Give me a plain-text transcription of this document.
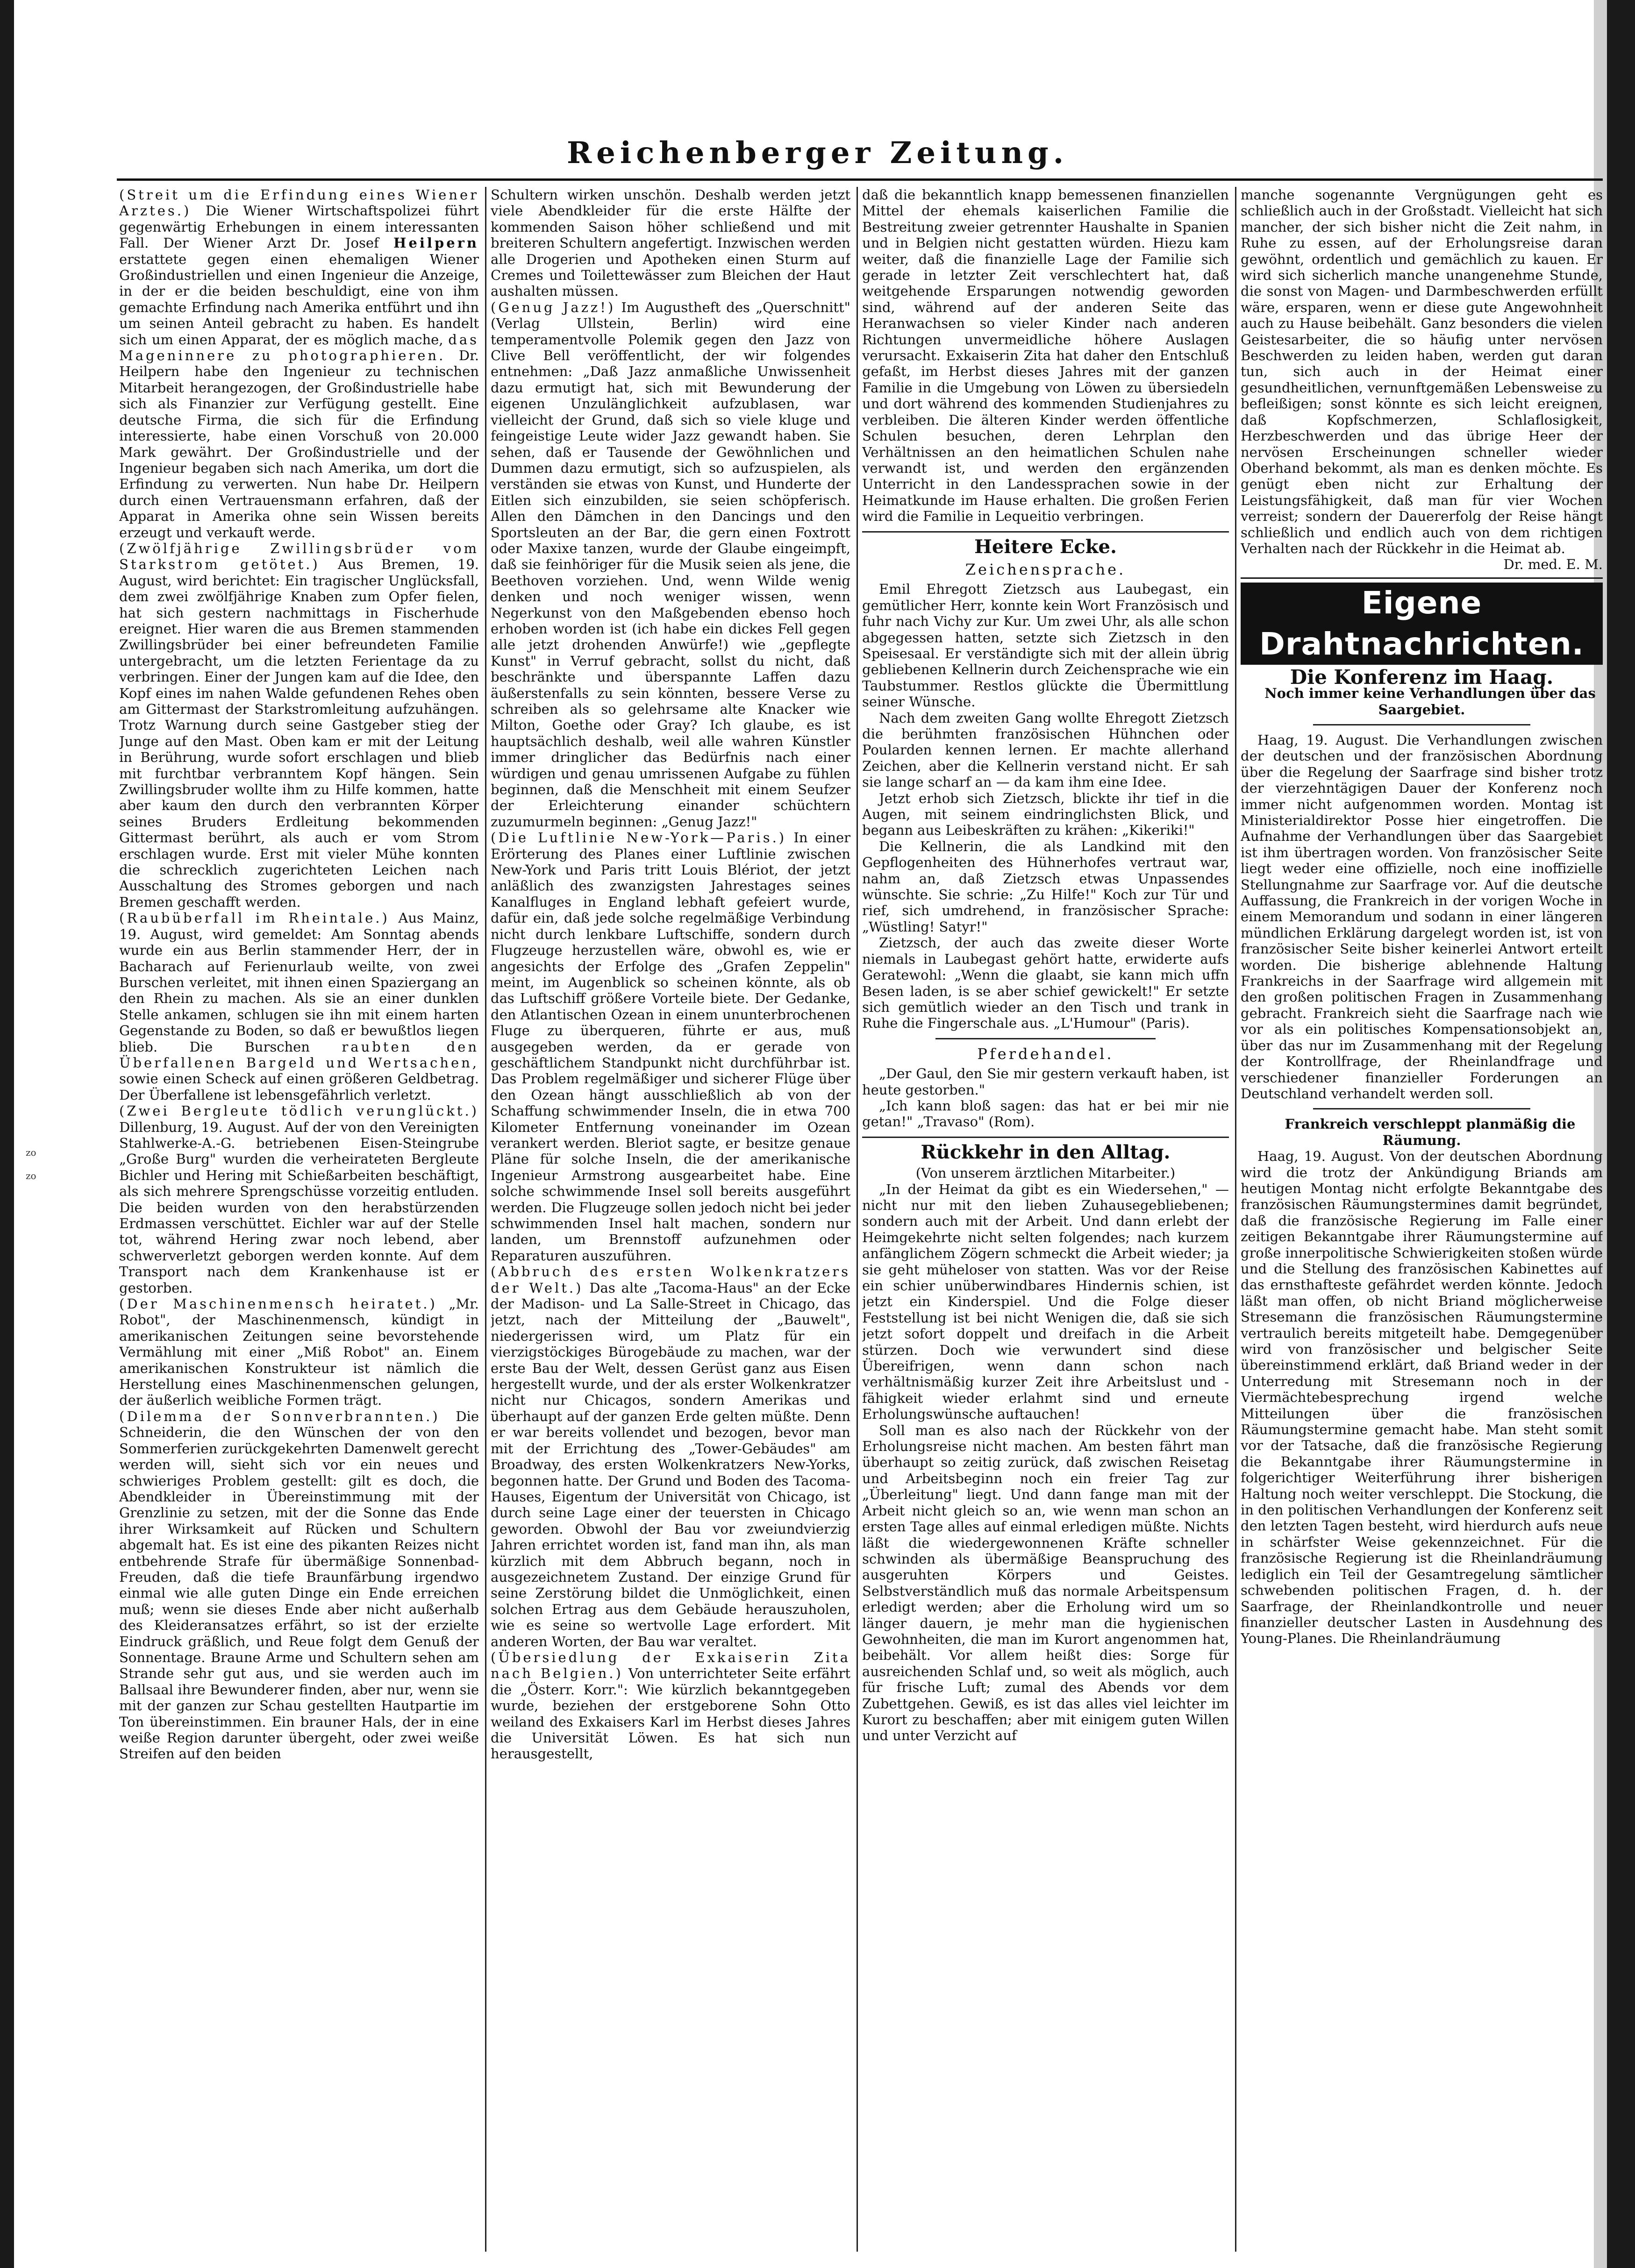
Reichenberger Zeitung.
zo
zo

(Streit um die Erfindung eines Wiener Arztes.) Die Wiener Wirtschaftspolizei führt gegenwärtig Erhebungen in einem interessanten Fall. Der Wiener Arzt Dr. Josef Heilpern erstattete gegen einen ehemaligen Wiener Großindustriellen und einen Ingenieur die Anzeige, in der er die beiden beschuldigt, eine von ihm gemachte Erfindung nach Amerika entführt und ihn um seinen Anteil gebracht zu haben. Es handelt sich um einen Apparat, der es möglich mache, das Mageninnere zu photographieren. Dr. Heilpern habe den Ingenieur zu technischen Mitarbeit herangezogen, der Großindustrielle habe sich als Finanzier zur Verfügung gestellt. Eine deutsche Firma, die sich für die Erfindung interessierte, habe einen Vorschuß von 20.000 Mark gewährt. Der Großindustrielle und der Ingenieur begaben sich nach Amerika, um dort die Erfindung zu verwerten. Nun habe Dr. Heilpern durch einen Vertrauensmann erfahren, daß der Apparat in Amerika ohne sein Wissen bereits erzeugt und verkauft werde.

(Zwölfjährige Zwillingsbrüder vom Starkstrom getötet.) Aus Bremen, 19. August, wird berichtet: Ein tragischer Unglücksfall, dem zwei zwölfjährige Knaben zum Opfer fielen, hat sich gestern nachmittags in Fischerhude ereignet. Hier waren die aus Bremen stammenden Zwillingsbrüder bei einer befreundeten Familie untergebracht, um die letzten Ferientage da zu verbringen. Einer der Jungen kam auf die Idee, den Kopf eines im nahen Walde gefundenen Rehes oben am Gittermast der Starkstromleitung aufzuhängen. Trotz Warnung durch seine Gastgeber stieg der Junge auf den Mast. Oben kam er mit der Leitung in Berührung, wurde sofort erschlagen und blieb mit furchtbar verbranntem Kopf hängen. Sein Zwillingsbruder wollte ihm zu Hilfe kommen, hatte aber kaum den durch den verbrannten Körper seines Bruders Erdleitung bekommenden Gittermast berührt, als auch er vom Strom erschlagen wurde. Erst mit vieler Mühe konnten die schrecklich zugerichteten Leichen nach Ausschaltung des Stromes geborgen und nach Bremen geschafft werden.

(Raubüberfall im Rheintale.) Aus Mainz, 19. August, wird gemeldet: Am Sonntag abends wurde ein aus Berlin stammender Herr, der in Bacharach auf Ferienurlaub weilte, von zwei Burschen verleitet, mit ihnen einen Spaziergang an den Rhein zu machen. Als sie an einer dunklen Stelle ankamen, schlugen sie ihn mit einem harten Gegenstande zu Boden, so daß er bewußtlos liegen blieb. Die Burschen raubten den Überfallenen Bargeld und Wertsachen, sowie einen Scheck auf einen größeren Geldbetrag. Der Überfallene ist lebensgefährlich verletzt.

(Zwei Bergleute tödlich verunglückt.) Dillenburg, 19. August. Auf der von den Vereinigten Stahlwerke-A.-G. betriebenen Eisen-Steingrube „Große Burg" wurden die verheirateten Bergleute Bichler und Hering mit Schießarbeiten beschäftigt, als sich mehrere Sprengschüsse vorzeitig entluden. Die beiden wurden von den herabstürzenden Erdmassen verschüttet. Eichler war auf der Stelle tot, während Hering zwar noch lebend, aber schwerverletzt geborgen werden konnte. Auf dem Transport nach dem Krankenhause ist er gestorben.

(Der Maschinenmensch heiratet.) „Mr. Robot", der Maschinenmensch, kündigt in amerikanischen Zeitungen seine bevorstehende Vermählung mit einer „Miß Robot" an. Einem amerikanischen Konstrukteur ist nämlich die Herstellung eines Maschinenmenschen gelungen, der äußerlich weibliche Formen trägt.

(Dilemma der Sonnverbrannten.) Die Schneiderin, die den Wünschen der von den Sommerferien zurückgekehrten Damenwelt gerecht werden will, sieht sich vor ein neues und schwieriges Problem gestellt: gilt es doch, die Abendkleider in Übereinstimmung mit der Grenzlinie zu setzen, mit der die Sonne das Ende ihrer Wirksamkeit auf Rücken und Schultern abgemalt hat. Es ist eine des pikanten Reizes nicht entbehrende Strafe für übermäßige Sonnenbad-Freuden, daß die tiefe Braunfärbung irgendwo einmal wie alle guten Dinge ein Ende erreichen muß; wenn sie dieses Ende aber nicht außerhalb des Kleideransatzes erfährt, so ist der erzielte Eindruck gräßlich, und Reue folgt dem Genuß der Sonnentage. Braune Arme und Schultern sehen am Strande sehr gut aus, und sie werden auch im Ballsaal ihre Bewunderer finden, aber nur, wenn sie mit der ganzen zur Schau gestellten Hautpartie im Ton übereinstimmen. Ein brauner Hals, der in eine weiße Region darunter übergeht, oder zwei weiße Streifen auf den beiden

Schultern wirken unschön. Deshalb werden jetzt viele Abendkleider für die erste Hälfte der kommenden Saison höher schließend und mit breiteren Schultern angefertigt. Inzwischen werden alle Drogerien und Apotheken einen Sturm auf Cremes und Toilettewässer zum Bleichen der Haut aushalten müssen.

(Genug Jazz!) Im Augustheft des „Querschnitt" (Verlag Ullstein, Berlin) wird eine temperamentvolle Polemik gegen den Jazz von Clive Bell veröffentlicht, der wir folgendes entnehmen: „Daß Jazz anmaßliche Unwissenheit dazu ermutigt hat, sich mit Bewunderung der eigenen Unzulänglichkeit aufzublasen, war vielleicht der Grund, daß sich so viele kluge und feingeistige Leute wider Jazz gewandt haben. Sie sehen, daß er Tausende der Gewöhnlichen und Dummen dazu ermutigt, sich so aufzuspielen, als verständen sie etwas von Kunst, und Hunderte der Eitlen sich einzubilden, sie seien schöpferisch. Allen den Dämchen in den Dancings und den Sportsleuten an der Bar, die gern einen Foxtrott oder Maxixe tanzen, wurde der Glaube eingeimpft, daß sie feinhöriger für die Musik seien als jene, die Beethoven vorziehen. Und, wenn Wilde wenig denken und noch weniger wissen, wenn Negerkunst von den Maßgebenden ebenso hoch erhoben worden ist (ich habe ein dickes Fell gegen alle jetzt drohenden Anwürfe!) wie „gepflegte Kunst" in Verruf gebracht, sollst du nicht, daß beschränkte und überspannte Laffen dazu äußerstenfalls zu sein könnten, bessere Verse zu schreiben als so gelehrsame alte Knacker wie Milton, Goethe oder Gray? Ich glaube, es ist hauptsächlich deshalb, weil alle wahren Künstler immer dringlicher das Bedürfnis nach einer würdigen und genau umrissenen Aufgabe zu fühlen beginnen, daß die Menschheit mit einem Seufzer der Erleichterung einander schüchtern zuzumurmeln beginnen: „Genug Jazz!"

(Die Luftlinie New-York—Paris.) In einer Erörterung des Planes einer Luftlinie zwischen New-York und Paris tritt Louis Blériot, der jetzt anläßlich des zwanzigsten Jahrestages seines Kanalfluges in England lebhaft gefeiert wurde, dafür ein, daß jede solche regelmäßige Verbindung nicht durch lenkbare Luftschiffe, sondern durch Flugzeuge herzustellen wäre, obwohl es, wie er angesichts der Erfolge des „Grafen Zeppelin" meint, im Augenblick so scheinen könnte, als ob das Luftschiff größere Vorteile biete. Der Gedanke, den Atlantischen Ozean in einem ununterbrochenen Fluge zu überqueren, führte er aus, muß ausgegeben werden, da er gerade von geschäftlichem Standpunkt nicht durchführbar ist. Das Problem regelmäßiger und sicherer Flüge über den Ozean hängt ausschließlich ab von der Schaffung schwimmender Inseln, die in etwa 700 Kilometer Entfernung voneinander im Ozean verankert werden. Bleriot sagte, er besitze genaue Pläne für solche Inseln, die der amerikanische Ingenieur Armstrong ausgearbeitet habe. Eine solche schwimmende Insel soll bereits ausgeführt werden. Die Flugzeuge sollen jedoch nicht bei jeder schwimmenden Insel halt machen, sondern nur landen, um Brennstoff aufzunehmen oder Reparaturen auszuführen.

(Abbruch des ersten Wolkenkratzers der Welt.) Das alte „Tacoma-Haus" an der Ecke der Madison- und La Salle-Street in Chicago, das jetzt, nach der Mitteilung der „Bauwelt", niedergerissen wird, um Platz für ein vierzigstöckiges Bürogebäude zu machen, war der erste Bau der Welt, dessen Gerüst ganz aus Eisen hergestellt wurde, und der als erster Wolkenkratzer nicht nur Chicagos, sondern Amerikas und überhaupt auf der ganzen Erde gelten müßte. Denn er war bereits vollendet und bezogen, bevor man mit der Errichtung des „Tower-Gebäudes" am Broadway, des ersten Wolkenkratzers New-Yorks, begonnen hatte. Der Grund und Boden des Tacoma-Hauses, Eigentum der Universität von Chicago, ist durch seine Lage einer der teuersten in Chicago geworden. Obwohl der Bau vor zweiundvierzig Jahren errichtet worden ist, fand man ihn, als man kürzlich mit dem Abbruch begann, noch in ausgezeichnetem Zustand. Der einzige Grund für seine Zerstörung bildet die Unmöglichkeit, einen solchen Ertrag aus dem Gebäude herauszuholen, wie es seine so wertvolle Lage erfordert. Mit anderen Worten, der Bau war veraltet.

(Übersiedlung der Exkaiserin Zita nach Belgien.) Von unterrichteter Seite erfährt die „Österr. Korr.": Wie kürzlich bekanntgegeben wurde, beziehen der erstgeborene Sohn Otto weiland des Exkaisers Karl im Herbst dieses Jahres die Universität Löwen. Es hat sich nun herausgestellt,

daß die bekanntlich knapp bemessenen finanziellen Mittel der ehemals kaiserlichen Familie die Bestreitung zweier getrennter Haushalte in Spanien und in Belgien nicht gestatten würden. Hiezu kam weiter, daß die finanzielle Lage der Familie sich gerade in letzter Zeit verschlechtert hat, daß weitgehende Ersparungen notwendig geworden sind, während auf der anderen Seite das Heranwachsen so vieler Kinder nach anderen Richtungen unvermeidliche höhere Auslagen verursacht. Exkaiserin Zita hat daher den Entschluß gefaßt, im Herbst dieses Jahres mit der ganzen Familie in die Umgebung von Löwen zu übersiedeln und dort während des kommenden Studienjahres zu verbleiben. Die älteren Kinder werden öffentliche Schulen besuchen, deren Lehrplan den Verhältnissen an den heimatlichen Schulen nahe verwandt ist, und werden den ergänzenden Unterricht in den Landessprachen sowie in der Heimatkunde im Hause erhalten. Die großen Ferien wird die Familie in Lequeitio verbringen.

Heitere Ecke.
Zeichensprache.

Emil Ehregott Zietzsch aus Laubegast, ein gemütlicher Herr, konnte kein Wort Französisch und fuhr nach Vichy zur Kur. Um zwei Uhr, als alle schon abgegessen hatten, setzte sich Zietzsch in den Speisesaal. Er verständigte sich mit der allein übrig gebliebenen Kellnerin durch Zeichensprache wie ein Taubstummer. Restlos glückte die Übermittlung seiner Wünsche.

Nach dem zweiten Gang wollte Ehregott Zietzsch die berühmten französischen Hühnchen oder Poularden kennen lernen. Er machte allerhand Zeichen, aber die Kellnerin verstand nicht. Er sah sie lange scharf an — da kam ihm eine Idee.

Jetzt erhob sich Zietzsch, blickte ihr tief in die Augen, mit seinem eindringlichsten Blick, und begann aus Leibeskräften zu krähen: „Kikeriki!"

Die Kellnerin, die als Landkind mit den Gepflogenheiten des Hühnerhofes vertraut war, nahm an, daß Zietzsch etwas Unpassendes wünschte. Sie schrie: „Zu Hilfe!" Koch zur Tür und rief, sich umdrehend, in französischer Sprache: „Wüstling! Satyr!"

Zietzsch, der auch das zweite dieser Worte niemals in Laubegast gehört hatte, erwiderte aufs Geratewohl: „Wenn die glaabt, sie kann mich uffn Besen laden, is se aber schief gewickelt!" Er setzte sich gemütlich wieder an den Tisch und trank in Ruhe die Fingerschale aus. „L'Humour" (Paris).

Pferdehandel.

„Der Gaul, den Sie mir gestern verkauft haben, ist heute gestorben."

„Ich kann bloß sagen: das hat er bei mir nie getan!" „Travaso" (Rom).

Rückkehr in den Alltag.

(Von unserem ärztlichen Mitarbeiter.)

„In der Heimat da gibt es ein Wiedersehen," — nicht nur mit den lieben Zuhausegebliebenen; sondern auch mit der Arbeit. Und dann erlebt der Heimgekehrte nicht selten folgendes; nach kurzem anfänglichem Zögern schmeckt die Arbeit wieder; ja sie geht müheloser von statten. Was vor der Reise ein schier unüberwindbares Hindernis schien, ist jetzt ein Kinderspiel. Und die Folge dieser Feststellung ist bei nicht Wenigen die, daß sie sich jetzt sofort doppelt und dreifach in die Arbeit stürzen. Doch wie verwundert sind diese Übereifrigen, wenn dann schon nach verhältnismäßig kurzer Zeit ihre Arbeitslust und -fähigkeit wieder erlahmt sind und erneute Erholungswünsche auftauchen!

Soll man es also nach der Rückkehr von der Erholungsreise nicht machen. Am besten fährt man überhaupt so zeitig zurück, daß zwischen Reisetag und Arbeitsbeginn noch ein freier Tag zur „Überleitung" liegt. Und dann fange man mit der Arbeit nicht gleich so an, wie wenn man schon an ersten Tage alles auf einmal erledigen müßte. Nichts läßt die wiedergewonnenen Kräfte schneller schwinden als übermäßige Beanspruchung des ausgeruhten Körpers und Geistes. Selbstverständlich muß das normale Arbeitspensum erledigt werden; aber die Erholung wird um so länger dauern, je mehr man die hygienischen Gewohnheiten, die man im Kurort angenommen hat, beibehält. Vor allem heißt dies: Sorge für ausreichenden Schlaf und, so weit als möglich, auch für frische Luft; zumal des Abends vor dem Zubettgehen. Gewiß, es ist das alles viel leichter im Kurort zu beschaffen; aber mit einigem guten Willen und unter Verzicht auf

manche sogenannte Vergnügungen geht es schließlich auch in der Großstadt. Vielleicht hat sich mancher, der sich bisher nicht die Zeit nahm, in Ruhe zu essen, auf der Erholungsreise daran gewöhnt, ordentlich und gemächlich zu kauen. Er wird sich sicherlich manche unangenehme Stunde, die sonst von Magen- und Darmbeschwerden erfüllt wäre, ersparen, wenn er diese gute Angewohnheit auch zu Hause beibehält. Ganz besonders die vielen Geistesarbeiter, die so häufig unter nervösen Beschwerden zu leiden haben, werden gut daran tun, sich auch in der Heimat einer gesundheitlichen, vernunftgemäßen Lebensweise zu befleißigen; sonst könnte es sich leicht ereignen, daß Kopfschmerzen, Schlaflosigkeit, Herzbeschwerden und das übrige Heer der nervösen Erscheinungen schneller wieder Oberhand bekommt, als man es denken möchte. Es genügt eben nicht zur Erhaltung der Leistungsfähigkeit, daß man für vier Wochen verreist; sondern der Dauererfolg der Reise hängt schließlich und endlich auch von dem richtigen Verhalten nach der Rückkehr in die Heimat ab.

Dr. med. E. M.

Eigene Drahtnachrichten.
Die Konferenz im Haag.

Noch immer keine Verhandlungen über das Saargebiet.

Haag, 19. August. Die Verhandlungen zwischen der deutschen und der französischen Abordnung über die Regelung der Saarfrage sind bisher trotz der vierzehntägigen Dauer der Konferenz noch immer nicht aufgenommen worden. Montag ist Ministerialdirektor Posse hier eingetroffen. Die Aufnahme der Verhandlungen über das Saargebiet ist ihm übertragen worden. Von französischer Seite liegt weder eine offizielle, noch eine inoffizielle Stellungnahme zur Saarfrage vor. Auf die deutsche Auffassung, die Frankreich in der vorigen Woche in einem Memorandum und sodann in einer längeren mündlichen Erklärung dargelegt worden ist, ist von französischer Seite bisher keinerlei Antwort erteilt worden. Die bisherige ablehnende Haltung Frankreichs in der Saarfrage wird allgemein mit den großen politischen Fragen in Zusammenhang gebracht. Frankreich sieht die Saarfrage nach wie vor als ein politisches Kompensationsobjekt an, über das nur im Zusammenhang mit der Regelung der Kontrollfrage, der Rheinlandfrage und verschiedener finanzieller Forderungen an Deutschland verhandelt werden soll.

Frankreich verschleppt planmäßig die Räumung.

Haag, 19. August. Von der deutschen Abordnung wird die trotz der Ankündigung Briands am heutigen Montag nicht erfolgte Bekanntgabe des französischen Räumungstermines damit begründet, daß die französische Regierung im Falle einer zeitigen Bekanntgabe ihrer Räumungstermine auf große innerpolitische Schwierigkeiten stoßen würde und die Stellung des französischen Kabinettes auf das ernsthafteste gefährdet werden könnte. Jedoch läßt man offen, ob nicht Briand möglicherweise Stresemann die französischen Räumungstermine vertraulich bereits mitgeteilt habe. Demgegenüber wird von französischer und belgischer Seite übereinstimmend erklärt, daß Briand weder in der Unterredung mit Stresemann noch in der Viermächtebesprechung irgend welche Mitteilungen über die französischen Räumungstermine gemacht habe. Man steht somit vor der Tatsache, daß die französische Regierung die Bekanntgabe ihrer Räumungstermine in folgerichtiger Weiterführung ihrer bisherigen Haltung noch weiter verschleppt. Die Stockung, die in den politischen Verhandlungen der Konferenz seit den letzten Tagen besteht, wird hierdurch aufs neue in schärfster Weise gekennzeichnet. Für die französische Regierung ist die Rheinlandräumung lediglich ein Teil der Gesamtregelung sämtlicher schwebenden politischen Fragen, d. h. der Saarfrage, der Rheinlandkontrolle und neuer finanzieller deutscher Lasten in Ausdehnung des Young-Planes. Die Rheinlandräumung
